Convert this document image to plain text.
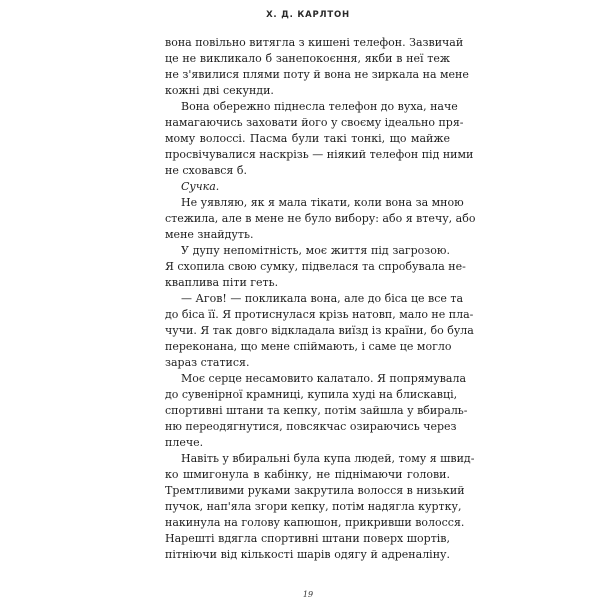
Х. Д. КАРЛТОН
вона повільно витягла з кишені телефон. Зазвичай
це не викликало б занепокоєння, якби в неї теж
не з'явилися плями поту й вона не зиркала на мене
кожні дві секунди.
Вона обережно піднесла телефон до вуха, наче
намагаючись заховати його у своєму ідеально пря-
мому волоссі. Пасма були такі тонкі, що майже
просвічувалися наскрізь — ніякий телефон під ними
не сховався б.
Сучка.
Не уявляю, як я мала тікати, коли вона за мною
стежила, але в мене не було вибору: або я втечу, або
мене знайдуть.
У дупу непомітність, моє життя під загрозою.
Я схопила свою сумку, підвелася та спробувала не-
кваплива піти геть.
— Агов! — покликала вона, але до біса це все та
до біса її. Я протиснулася крізь натовп, мало не пла-
чучи. Я так довго відкладала виїзд із країни, бо була
переконана, що мене спіймають, і саме це могло
зараз статися.
Моє серце несамовито калатало. Я попрямувала
до сувенірної крамниці, купила худі на блискавці,
спортивні штани та кепку, потім зайшла у вбираль-
ню переодягнутися, повсякчас озираючись через
плече.
Навіть у вбиральні була купа людей, тому я швид-
ко шмигонула в кабінку, не піднімаючи голови.
Тремтливими руками закрутила волосся в низький
пучок, нап'яла згори кепку, потім надягла куртку,
накинула на голову капюшон, прикривши волосся.
Нарешті вдягла спортивні штани поверх шортів,
пітніючи від кількості шарів одягу й адреналіну.
19
